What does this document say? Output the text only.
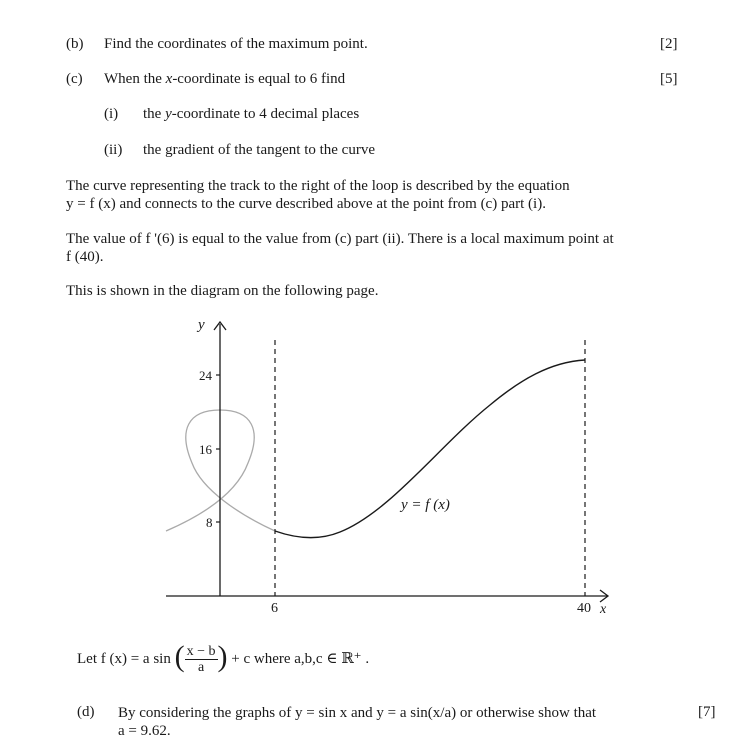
(b) Find the coordinates of the maximum point.	[2]
(c) When the x-coordinate is equal to 6 find	[5]
(i) the y-coordinate to 4 decimal places
(ii) the gradient of the tangent to the curve
The curve representing the track to the right of the loop is described by the equation
y = f (x) and connects to the curve described above at the point from (c) part (i).
The value of f '(6) is equal to the value from (c) part (ii). There is a local maximum point at
f (40).
This is shown in the diagram on the following page.
y
x
24
16
8
6	40
y = f (x)
Let f (x) = a sin ( $\frac{x - b}{a}$ ) + c where a,b,c ∈ ℝ⁺ .
(d) By considering the graphs of y = sin x and y = a sin(x/a) or otherwise show that
a = 9.62.
[7]
